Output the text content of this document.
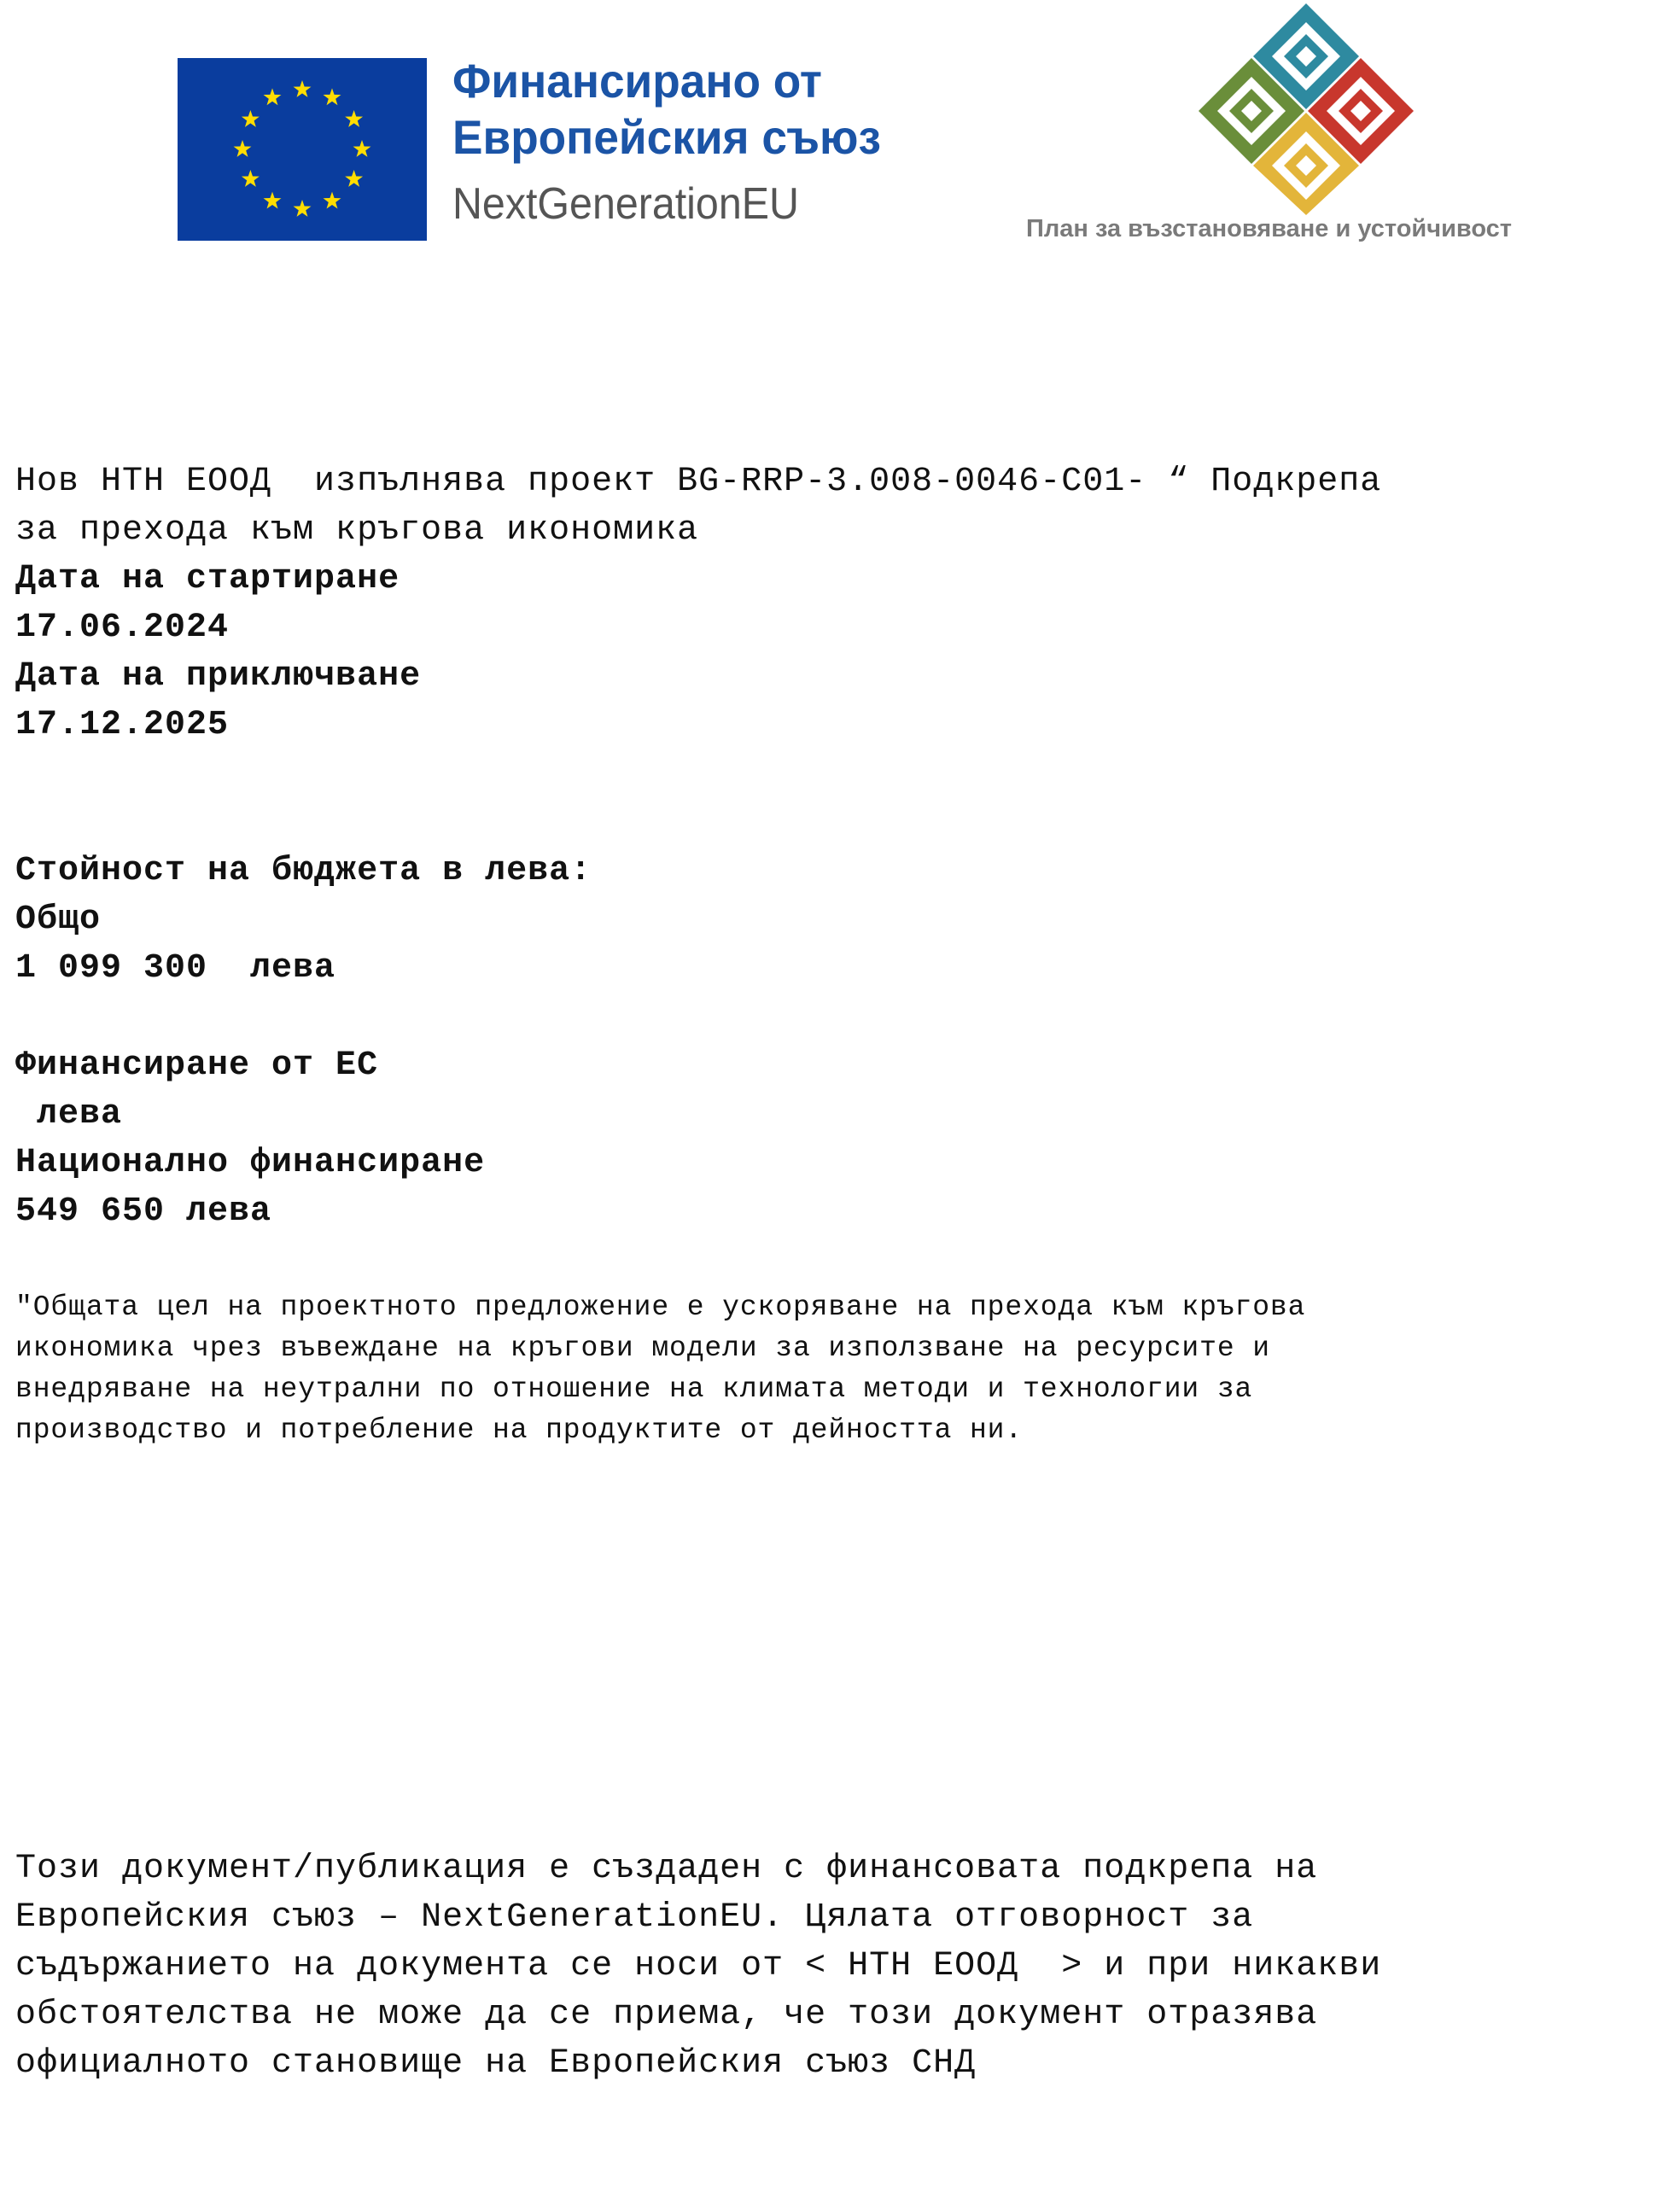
Финансирано от
Европейския съюз
NextGenerationEU	План за възстановяване и устойчивост
Нов НТН ЕООД  изпълнява проект BG-RRP-3.008-0046-C01- “ Подкрепа
за прехода към кръгова икономика
Дата на стартиране
17.06.2024
Дата на приключване
17.12.2025
Стойност на бюджета в лева:
Общо
1 099 300  лева
Финансиране от ЕС
лева
Национално финансиране
549 650 лева
"Общата цел на проектното предложение е ускоряване на прехода към кръгова
икономика чрез въвеждане на кръгови модели за използване на ресурсите и
внедряване на неутрални по отношение на климата методи и технологии за
производство и потребление на продуктите от дейността ни.
Този документ/публикация е създаден с финансовата подкрепа на
Европейския съюз – NextGenerationEU. Цялата отговорност за
съдържанието на документа се носи от < НТН ЕООД  > и при никакви
обстоятелства не може да се приема, че този документ отразява
официалното становище на Европейския съюз СНД
